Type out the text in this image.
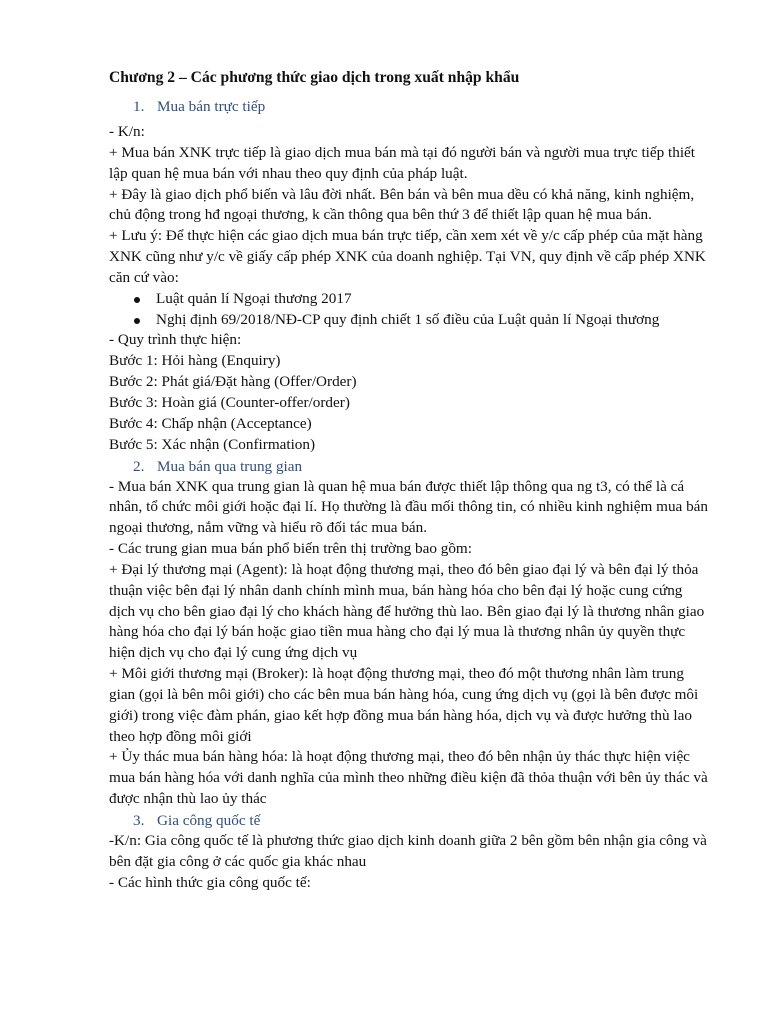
Chương 2 – Các phương thức giao dịch trong xuất nhập khẩu
1. Mua bán trực tiếp

- K/n:

+ Mua bán XNK trực tiếp là giao dịch mua bán mà tại đó người bán và người mua trực tiếp thiết lập quan hệ mua bán với nhau theo quy định của pháp luật.

+ Đây là giao dịch phổ biến và lâu đời nhất. Bên bán và bên mua dều có khả năng, kinh nghiệm, chủ động trong hđ ngoại thương, k cần thông qua bên thứ 3 để thiết lập quan hệ mua bán.

+ Lưu ý: Để thực hiện các giao dịch mua bán trực tiếp, cần xem xét về y/c cấp phép của mặt hàng XNK cũng như y/c về giấy cấp phép XNK của doanh nghiệp. Tại VN, quy định về cấp phép XNK căn cứ vào:

Luật quản lí Ngoại thương 2017
Nghị định 69/2018/NĐ-CP quy định chiết 1 số điều của Luật quản lí Ngoại thương

- Quy trình thực hiện:

Bước 1: Hỏi hàng (Enquiry)

Bước 2: Phát giá/Đặt hàng (Offer/Order)

Bước 3: Hoàn giá (Counter-offer/order)

Bước 4: Chấp nhận (Acceptance)

Bước 5: Xác nhận (Confirmation)

2. Mua bán qua trung gian

- Mua bán XNK qua trung gian là quan hệ mua bán được thiết lập thông qua ng t3, có thể là cá nhân, tổ chức môi giới hoặc đại lí. Họ thường là đầu mối thông tin, có nhiều kinh nghiệm mua bán ngoại thương, nắm vững và hiểu rõ đối tác mua bán.

- Các trung gian mua bán phổ biến trên thị trường bao gồm:

+ Đại lý thương mại (Agent): là hoạt động thương mại, theo đó bên giao đại lý và bên đại lý thỏa thuận việc bên đại lý nhân danh chính mình mua, bán hàng hóa cho bên đại lý hoặc cung cứng dịch vụ cho bên giao đại lý cho khách hàng để hưởng thù lao. Bên giao đại lý là thương nhân giao hàng hóa cho đại lý bán hoặc giao tiền mua hàng cho đại lý mua là thương nhân ủy quyền thực hiện dịch vụ cho đại lý cung ứng dịch vụ

+ Môi giới thương mại (Broker): là hoạt động thương mại, theo đó một thương nhân làm trung gian (gọi là bên môi giới) cho các bên mua bán hàng hóa, cung ứng dịch vụ (gọi là bên được môi giới) trong việc đàm phán, giao kết hợp đồng mua bán hàng hóa, dịch vụ và được hưởng thù lao theo hợp đồng môi giới

+ Ủy thác mua bán hàng hóa: là hoạt động thương mại, theo đó bên nhận ủy thác thực hiện việc mua bán hàng hóa với danh nghĩa của mình theo những điều kiện đã thỏa thuận với bên ủy thác và được nhận thù lao ủy thác

3. Gia công quốc tế

-K/n: Gia công quốc tế là phương thức giao dịch kinh doanh giữa 2 bên gồm bên nhận gia công và bên đặt gia công ở các quốc gia khác nhau

- Các hình thức gia công quốc tế:
